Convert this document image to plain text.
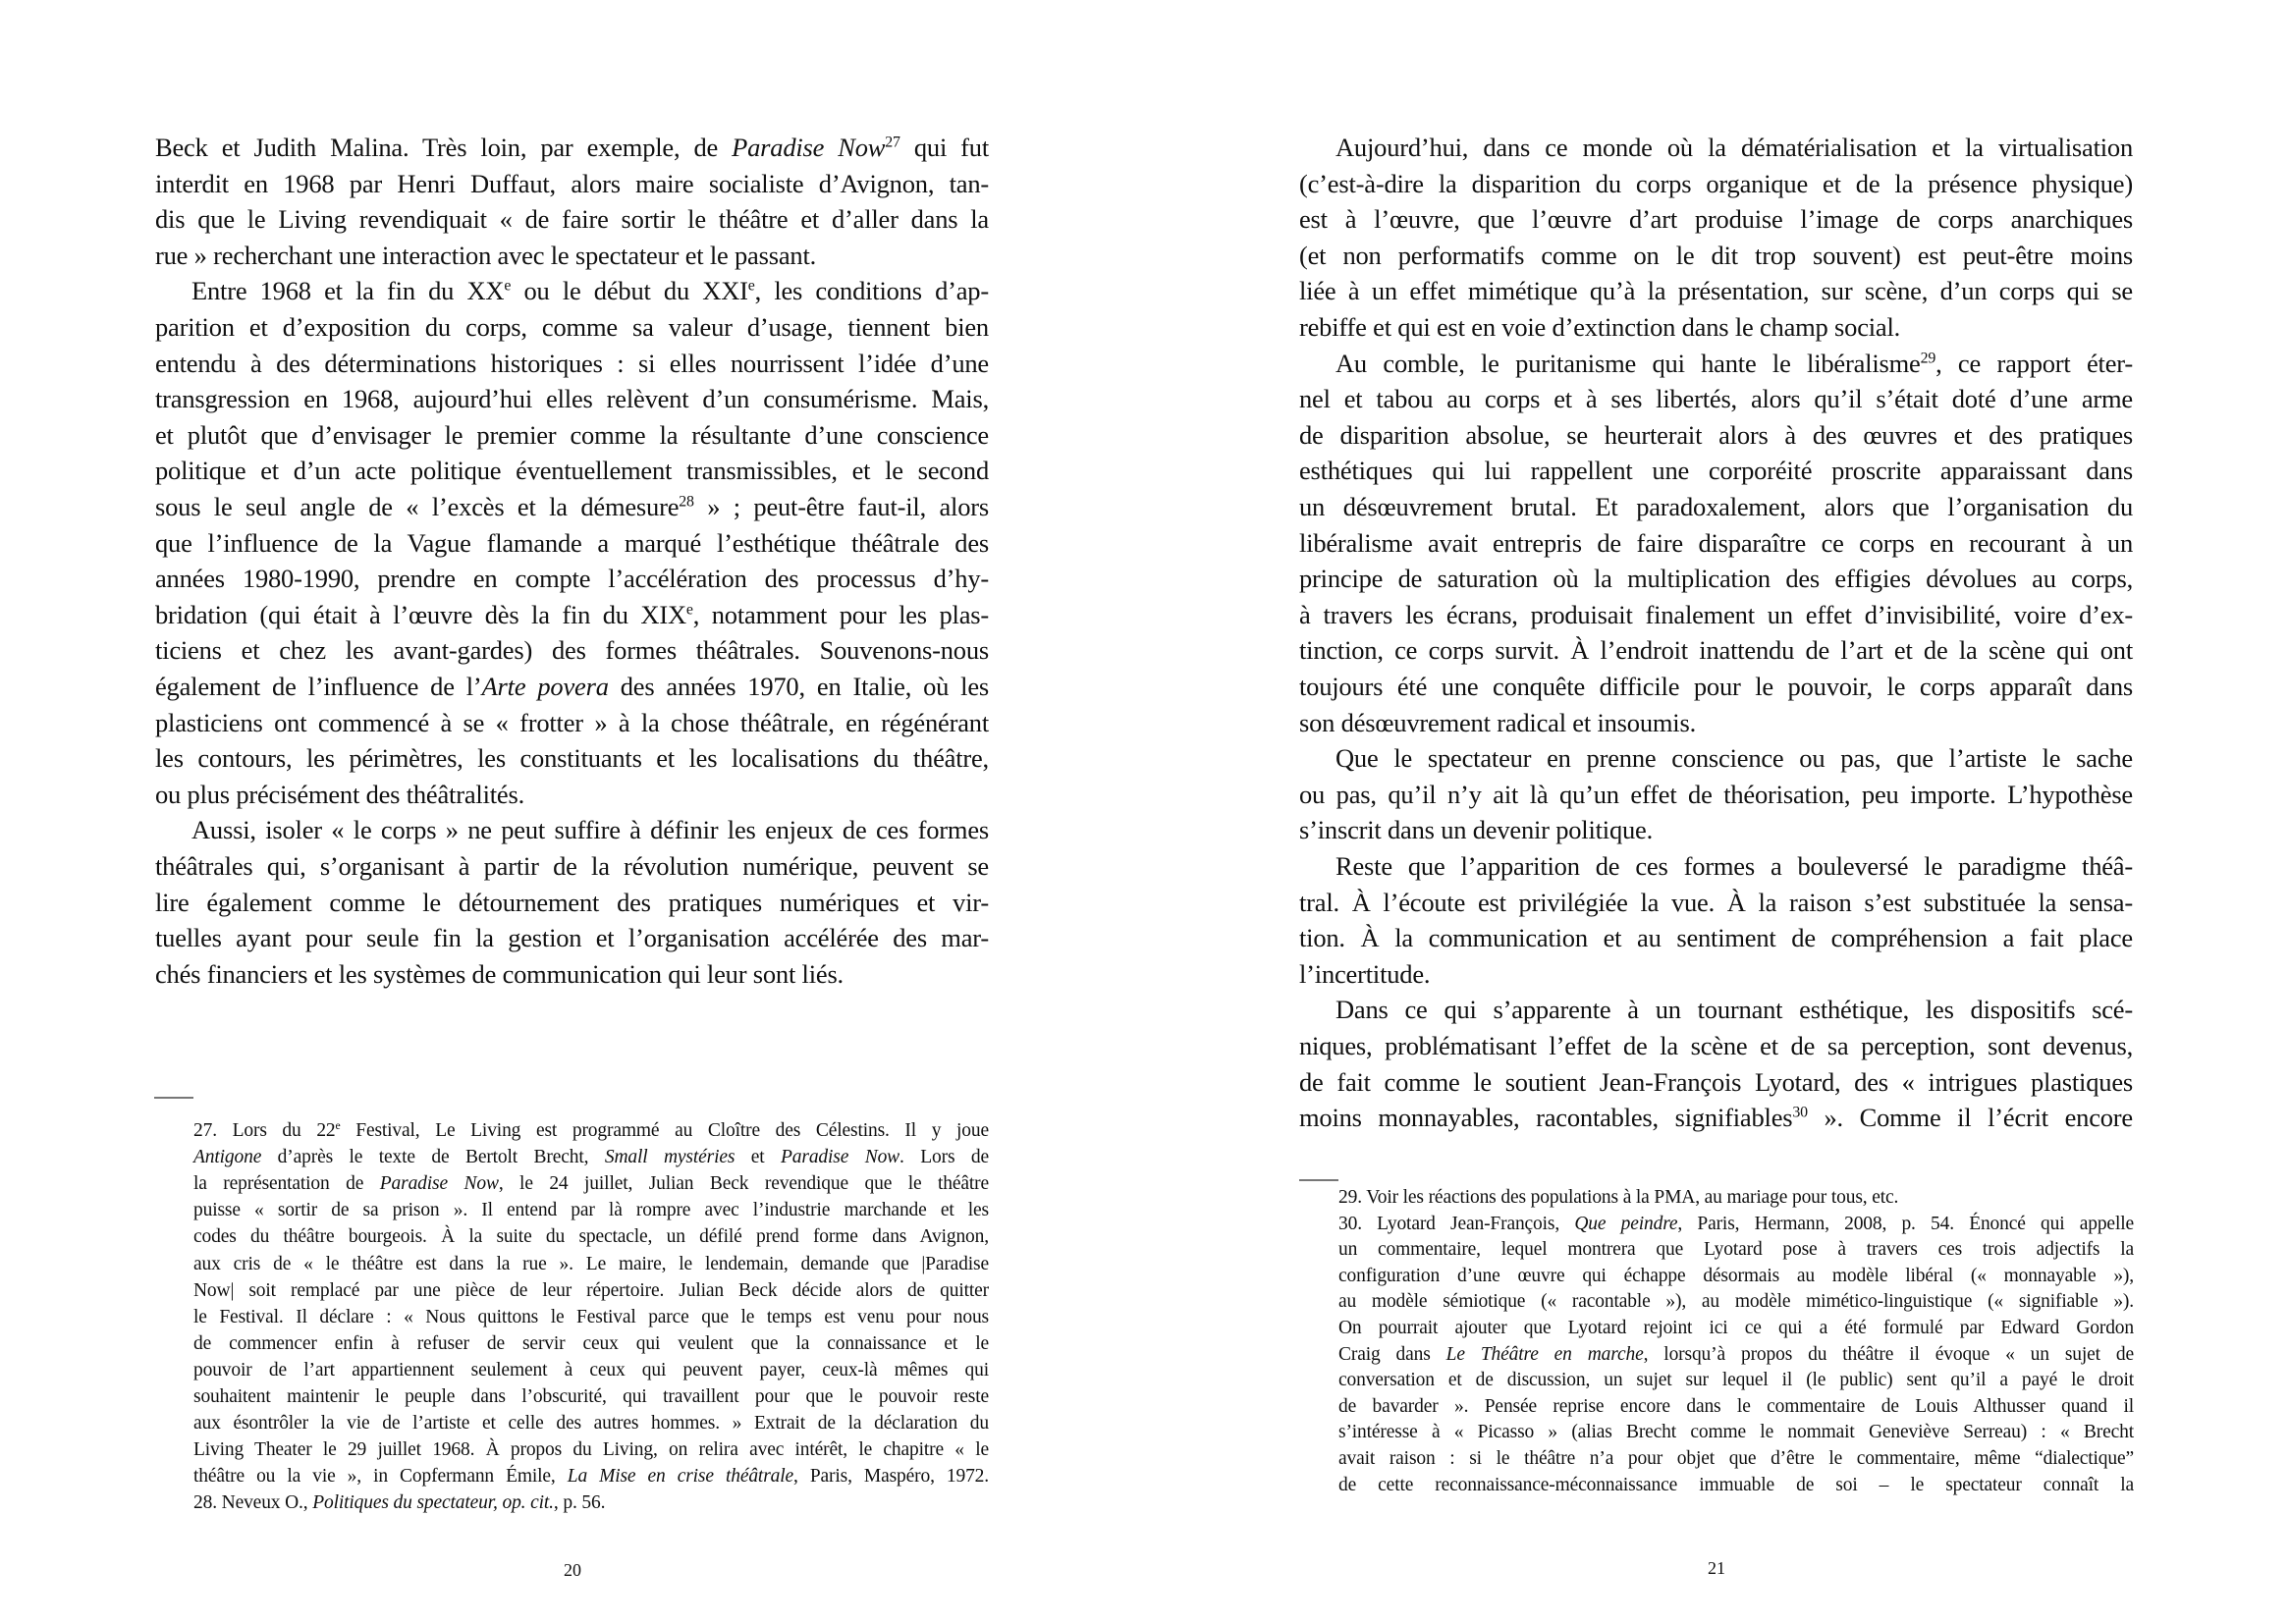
Beck et Judith Malina. Très loin, par exemple, de Paradise Now$^{27}$ qui fut
interdit en 1968 par Henri Duffaut, alors maire socialiste d’Avignon, tan-
dis que le Living revendiquait « de faire sortir le théâtre et d’aller dans la
rue » recherchant une interaction avec le spectateur et le passant.
Entre 1968 et la fin du XXe ou le début du XXIe, les conditions d’ap-
parition et d’exposition du corps, comme sa valeur d’usage, tiennent bien
entendu à des déterminations historiques : si elles nourrissent l’idée d’une
transgression en 1968, aujourd’hui elles relèvent d’un consumérisme. Mais,
et plutôt que d’envisager le premier comme la résultante d’une conscience
politique et d’un acte politique éventuellement transmissibles, et le second
sous le seul angle de « l’excès et la démesure$^{28}$ » ; peut-être faut-il, alors
que l’influence de la Vague flamande a marqué l’esthétique théâtrale des
années 1980-1990, prendre en compte l’accélération des processus d’hy-
bridation (qui était à l’œuvre dès la fin du XIXe, notamment pour les plas-
ticiens et chez les avant-gardes) des formes théâtrales. Souvenons-nous
également de l’influence de l’Arte povera des années 1970, en Italie, où les
plasticiens ont commencé à se « frotter » à la chose théâtrale, en régénérant
les contours, les périmètres, les constituants et les localisations du théâtre,
ou plus précisément des théâtralités.
Aussi, isoler « le corps » ne peut suffire à définir les enjeux de ces formes
théâtrales qui, s’organisant à partir de la révolution numérique, peuvent se
lire également comme le détournement des pratiques numériques et vir-
tuelles ayant pour seule fin la gestion et l’organisation accélérée des mar-
chés financiers et les systèmes de communication qui leur sont liés.
27. Lors du 22e Festival, Le Living est programmé au Cloître des Célestins. Il y joue
Antigone d’après le texte de Bertolt Brecht, Small mystéries et Paradise Now. Lors de
la représentation de Paradise Now, le 24 juillet, Julian Beck revendique que le théâtre
puisse « sortir de sa prison ». Il entend par là rompre avec l’industrie marchande et les
codes du théâtre bourgeois. À la suite du spectacle, un défilé prend forme dans Avignon,
aux cris de « le théâtre est dans la rue ». Le maire, le lendemain, demande que |Paradise
Now| soit remplacé par une pièce de leur répertoire. Julian Beck décide alors de quitter
le Festival. Il déclare : « Nous quittons le Festival parce que le temps est venu pour nous
de commencer enfin à refuser de servir ceux qui veulent que la connaissance et le
pouvoir de l’art appartiennent seulement à ceux qui peuvent payer, ceux-là mêmes qui
souhaitent maintenir le peuple dans l’obscurité, qui travaillent pour que le pouvoir reste
aux ésontrôler la vie de l’artiste et celle des autres hommes. » Extrait de la déclaration du
Living Theater le 29 juillet 1968. À propos du Living, on relira avec intérêt, le chapitre « le
théâtre ou la vie », in Copfermann Émile, La Mise en crise théâtrale, Paris, Maspéro, 1972.
28. Neveux O., Politiques du spectateur, op. cit., p. 56.
20
Aujourd’hui, dans ce monde où la dématérialisation et la virtualisation
(c’est-à-dire la disparition du corps organique et de la présence physique)
est à l’œuvre, que l’œuvre d’art produise l’image de corps anarchiques
(et non performatifs comme on le dit trop souvent) est peut-être moins
liée à un effet mimétique qu’à la présentation, sur scène, d’un corps qui se
rebiffe et qui est en voie d’extinction dans le champ social.
Au comble, le puritanisme qui hante le libéralisme$^{29}$, ce rapport éter-
nel et tabou au corps et à ses libertés, alors qu’il s’était doté d’une arme
de disparition absolue, se heurterait alors à des œuvres et des pratiques
esthétiques qui lui rappellent une corporéité proscrite apparaissant dans
un désœuvrement brutal. Et paradoxalement, alors que l’organisation du
libéralisme avait entrepris de faire disparaître ce corps en recourant à un
principe de saturation où la multiplication des effigies dévolues au corps,
à travers les écrans, produisait finalement un effet d’invisibilité, voire d’ex-
tinction, ce corps survit. À l’endroit inattendu de l’art et de la scène qui ont
toujours été une conquête difficile pour le pouvoir, le corps apparaît dans
son désœuvrement radical et insoumis.
Que le spectateur en prenne conscience ou pas, que l’artiste le sache
ou pas, qu’il n’y ait là qu’un effet de théorisation, peu importe. L’hypothèse
s’inscrit dans un devenir politique.
Reste que l’apparition de ces formes a bouleversé le paradigme théâ-
tral. À l’écoute est privilégiée la vue. À la raison s’est substituée la sensa-
tion. À la communication et au sentiment de compréhension a fait place
l’incertitude.
Dans ce qui s’apparente à un tournant esthétique, les dispositifs scé-
niques, problématisant l’effet de la scène et de sa perception, sont devenus,
de fait comme le soutient Jean-François Lyotard, des « intrigues plastiques
moins monnayables, racontables, signifiables$^{30}$ ». Comme il l’écrit encore
29. Voir les réactions des populations à la PMA, au mariage pour tous, etc.
30. Lyotard Jean-François, Que peindre, Paris, Hermann, 2008, p. 54. Énoncé qui appelle
un commentaire, lequel montrera que Lyotard pose à travers ces trois adjectifs la
configuration d’une œuvre qui échappe désormais au modèle libéral (« monnayable »),
au modèle sémiotique (« racontable »), au modèle mimético-linguistique (« signifiable »).
On pourrait ajouter que Lyotard rejoint ici ce qui a été formulé par Edward Gordon
Craig dans Le Théâtre en marche, lorsqu’à propos du théâtre il évoque « un sujet de
conversation et de discussion, un sujet sur lequel il (le public) sent qu’il a payé le droit
de bavarder ». Pensée reprise encore dans le commentaire de Louis Althusser quand il
s’intéresse à « Picasso » (alias Brecht comme le nommait Geneviève Serreau) : « Brecht
avait raison : si le théâtre n’a pour objet que d’être le commentaire, même “dialectique”
de cette reconnaissance-méconnaissance immuable de soi – le spectateur connaît la
21
